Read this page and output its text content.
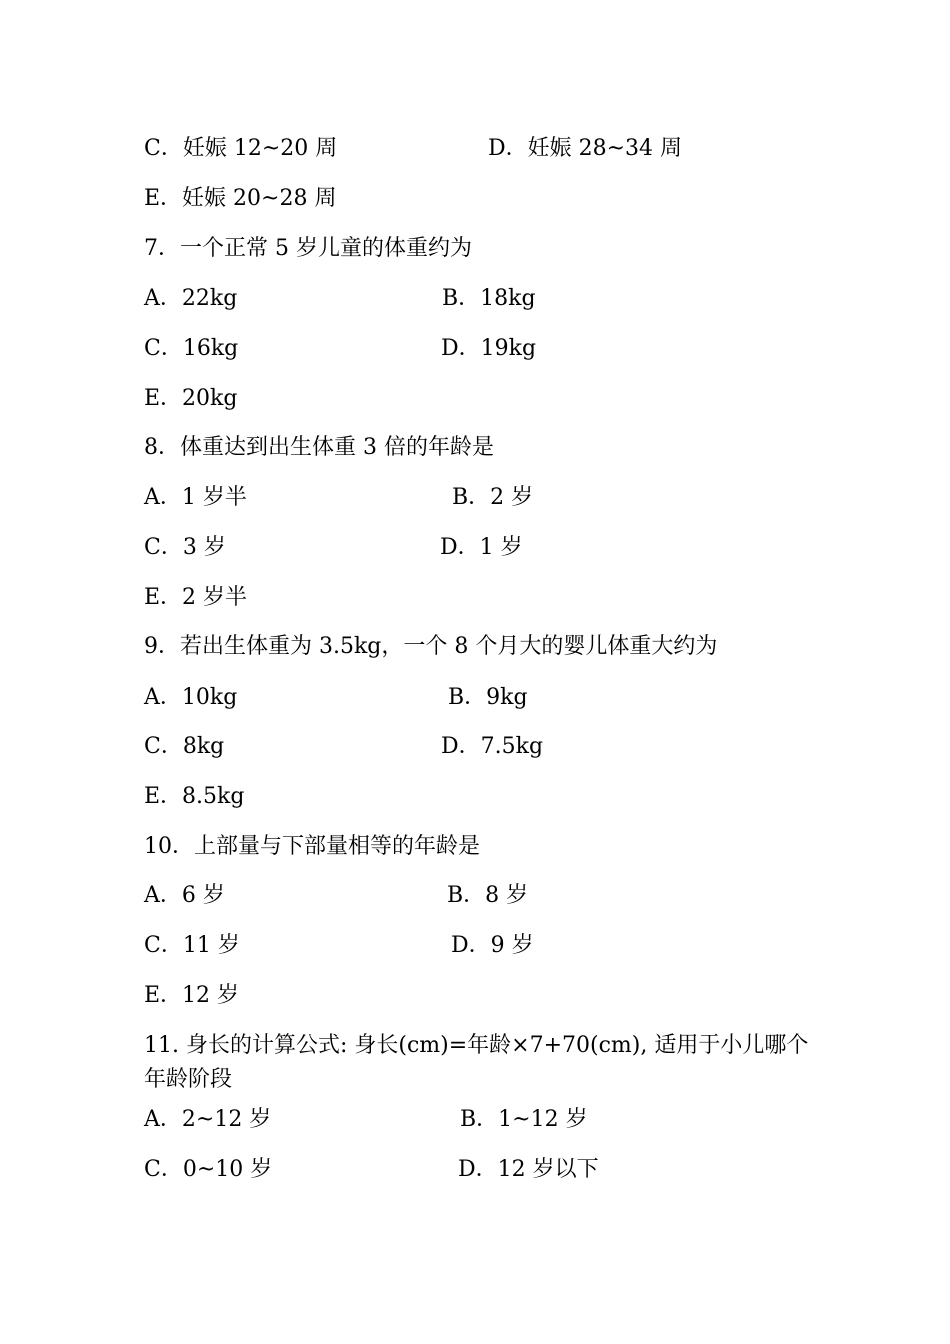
C．妊娠 12~20 周	D．妊娠 28~34 周
E．妊娠 20~28 周
7．一个正常 5 岁儿童的体重约为
A．22kg	B．18kg
C．16kg	D．19kg
E．20kg
8．体重达到出生体重 3 倍的年龄是
A．1 岁半	B．2 岁
C．3 岁	D．1 岁
E．2 岁半
9．若出生体重为 3.5kg，一个 8 个月大的婴儿体重大约为
A．10kg	B．9kg
C．8kg	D．7.5kg
E．8.5kg
10．上部量与下部量相等的年龄是
A．6 岁	B．8 岁
C．11 岁	D．9 岁
E．12 岁
11. 身长的计算公式: 身长(cm)=年龄×7+70(cm), 适用于小儿哪个年龄阶段
A．2~12 岁	B．1~12 岁
C．0~10 岁	D．12 岁以下
